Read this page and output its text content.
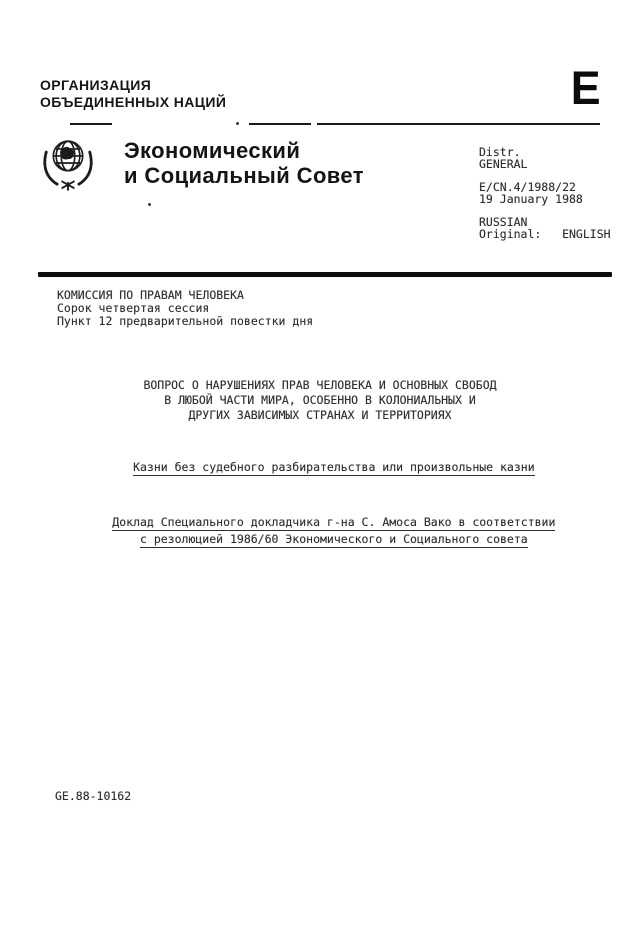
ОРГАНИЗАЦИЯ
ОБЪЕДИНЕННЫХ НАЦИЙ	E
Экономический
и Социальный Совет
Distr.
GENERAL
E/CN.4/1988/22
19 January 1988
RUSSIAN
Original:   ENGLISH
КОМИССИЯ ПО ПРАВАМ ЧЕЛОВЕКА
Сорок четвертая сессия
Пункт 12 предварительной повестки дня
ВОПРОС О НАРУШЕНИЯХ ПРАВ ЧЕЛОВЕКА И ОСНОВНЫХ СВОБОД
В ЛЮБОЙ ЧАСТИ МИРА, ОСОБЕННО В КОЛОНИАЛЬНЫХ И
ДРУГИХ ЗАВИСИМЫХ СТРАНАХ И ТЕРРИТОРИЯХ

Казни без судебного разбирательства или произвольные казни

Доклад Специального докладчика г-на С. Амоса Вако в соответствии

с резолюцией 1986/60 Экономического и Социального совета

GE.88-10162
